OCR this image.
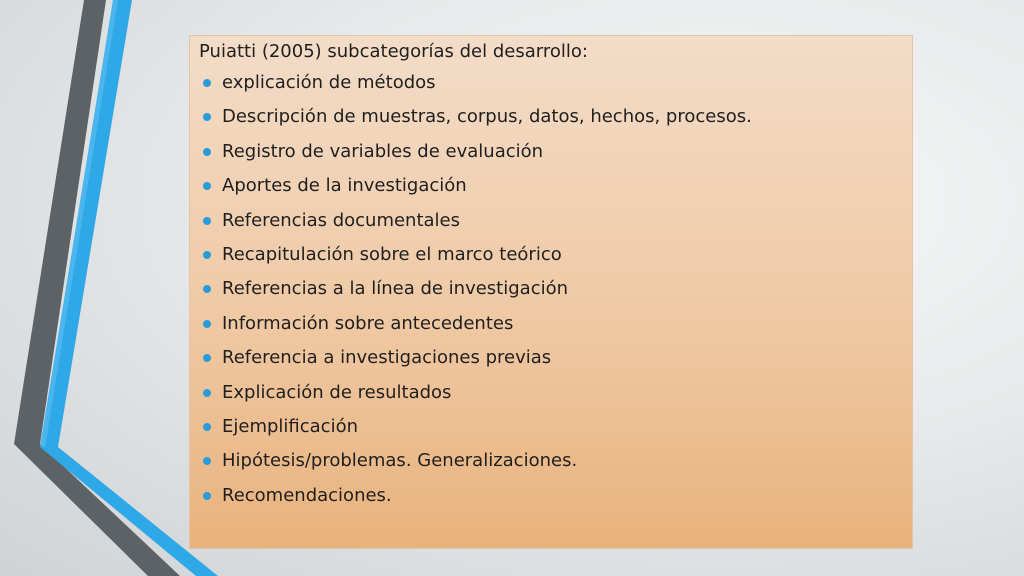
Puiatti (2005) subcategorías del desarrollo:
explicación de métodos
Descripción de muestras, corpus, datos, hechos, procesos.
Registro de variables de evaluación
Aportes de la investigación
Referencias documentales
Recapitulación sobre el marco teórico
Referencias a la línea de investigación
Información sobre antecedentes
Referencia a investigaciones previas
Explicación de resultados
Ejemplificación
Hipótesis/problemas. Generalizaciones.
Recomendaciones.
